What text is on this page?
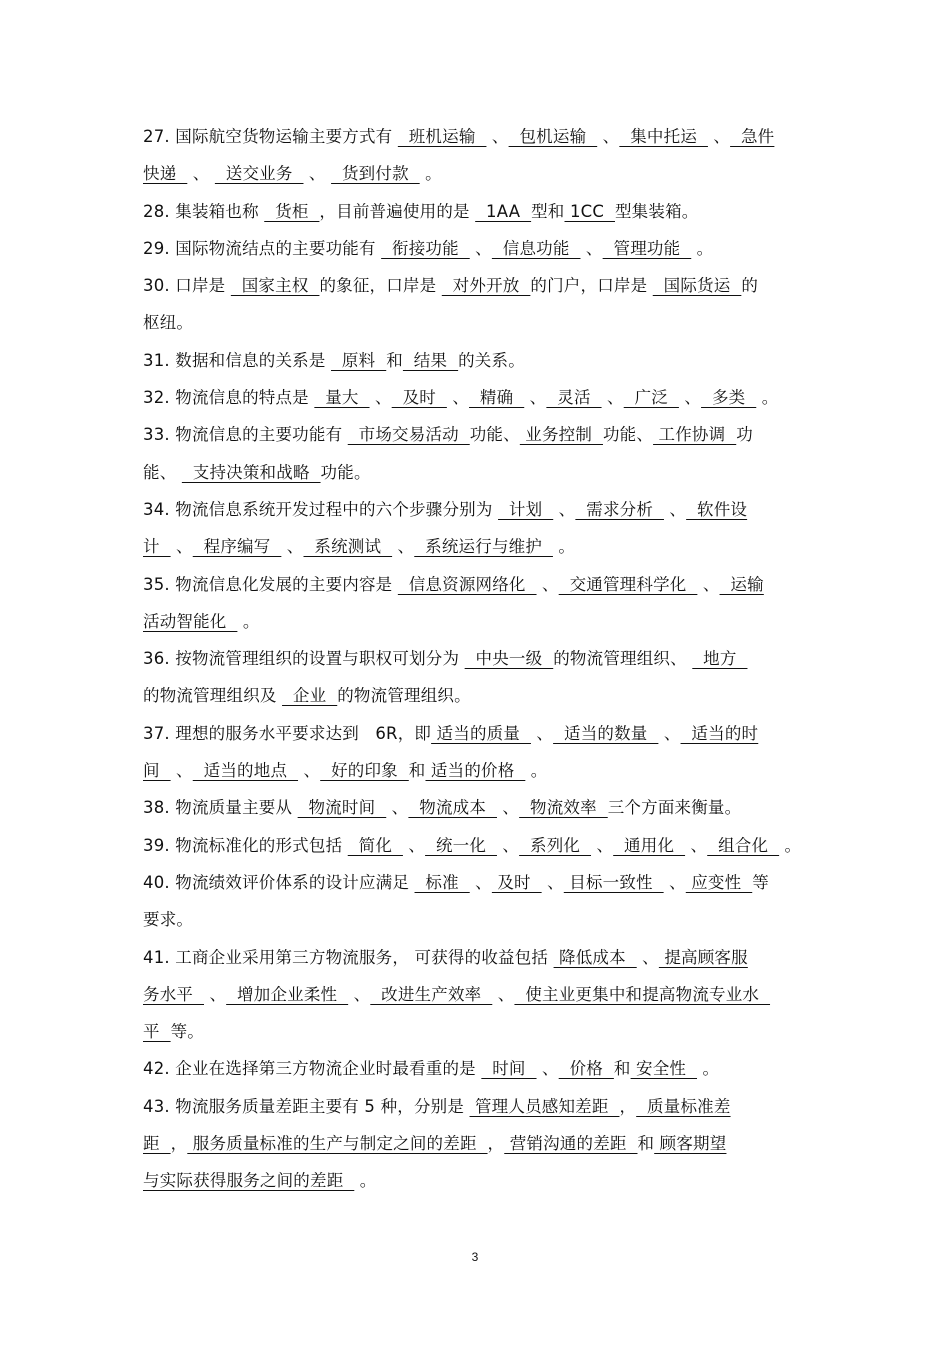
27. 国际航空货物运输主要方式有   班机运输   、  包机运输   、  集中托运   、  急件
快递   、   送交业务   、   货到付款   。
28. 集装箱也称   货柜  ，目前普遍使用的是   1AA  型和 1CC  型集装箱。
29. 国际物流结点的主要功能有   衔接功能   、  信息功能   、  管理功能   。
30. 口岸是   国家主权  的象征，口岸是   对外开放  的门户，口岸是   国际货运  的
枢纽。
31. 数据和信息的关系是   原料  和  结果  的关系。
32. 物流信息的特点是   量大   、  及时   、  精确   、  灵活   、  广泛   、  多类   。
33. 物流信息的主要功能有   市场交易活动  功能、 业务控制  功能、 工作协调  功
能、   支持决策和战略  功能。
34. 物流信息系统开发过程中的六个步骤分别为   计划   、  需求分析   、  软件设
计   、  程序编写   、  系统测试   、  系统运行与维护   。
35. 物流信息化发展的主要内容是   信息资源网络化   、  交通管理科学化   、  运输
活动智能化   。
36. 按物流管理组织的设置与职权可划分为   中央一级  的物流管理组织、   地方
的物流管理组织及   企业  的物流管理组织。
37. 理想的服务水平要求达到   6R，即 适当的质量   、  适当的数量   、  适当的时
间   、  适当的地点   、  好的印象  和 适当的价格   。
38. 物流质量主要从   物流时间   、  物流成本   、  物流效率  三个方面来衡量。
39. 物流标准化的形式包括   简化   、  统一化   、  系列化   、  通用化   、  组合化   。
40. 物流绩效评价体系的设计应满足   标准   、 及时   、 目标一致性   、 应变性  等
要求。
41. 工商企业采用第三方物流服务， 可获得的收益包括  降低成本   、 提高顾客服
务水平   、  增加企业柔性   、  改进生产效率   、  使主业更集中和提高物流专业水
平  等。
42. 企业在选择第三方物流企业时最看重的是   时间   、  价格  和 安全性   。
43. 物流服务质量差距主要有 5 种，分别是  管理人员感知差距  ，  质量标准差
距  ， 服务质量标准的生产与制定之间的差距  ， 营销沟通的差距  和 顾客期望
与实际获得服务之间的差距   。
3
